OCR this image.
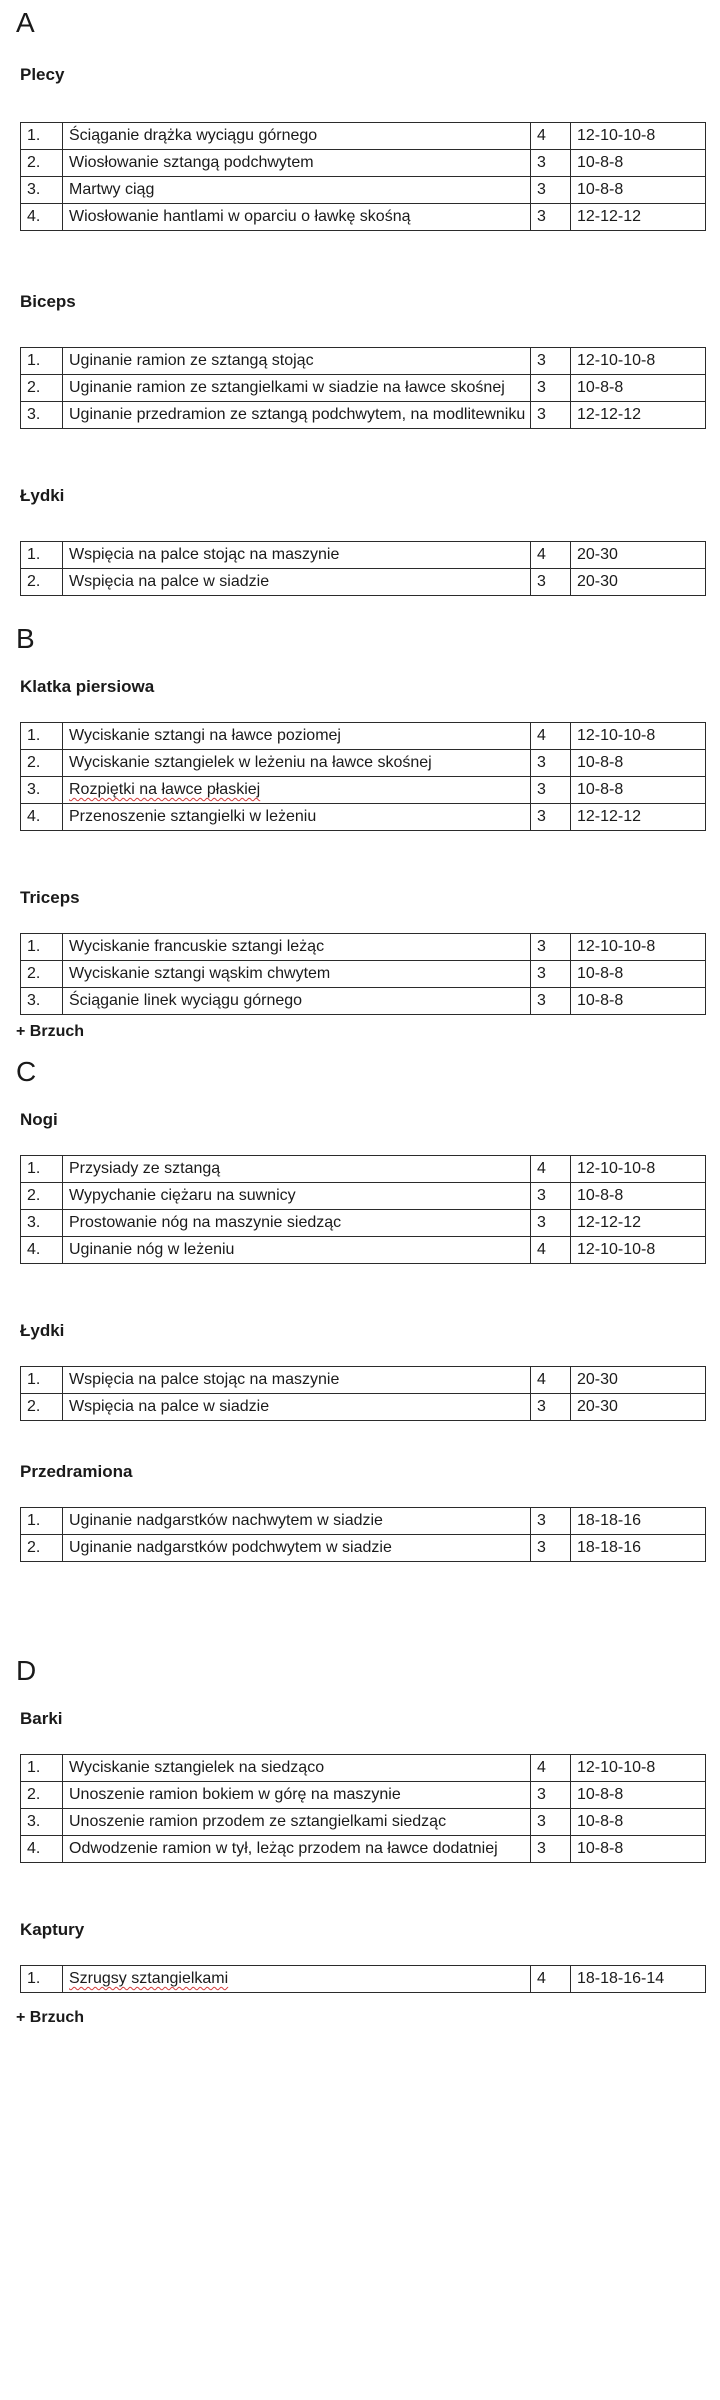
A
Plecy
1.	Ściąganie drążka wyciągu górnego	4	12-10-10-8
2.	Wiosłowanie sztangą podchwytem	3	10-8-8
3.	Martwy ciąg	3	10-8-8
4.	Wiosłowanie hantlami w oparciu o ławkę skośną	3	12-12-12
Biceps
1.	Uginanie ramion ze sztangą stojąc	3	12-10-10-8
2.	Uginanie ramion ze sztangielkami w siadzie na ławce skośnej	3	10-8-8
3.	Uginanie przedramion ze sztangą podchwytem, na modlitewniku	3	12-12-12
Łydki
1.	Wspięcia na palce stojąc na maszynie	4	20-30
2.	Wspięcia na palce w siadzie	3	20-30
B
Klatka piersiowa
1.	Wyciskanie sztangi na ławce poziomej	4	12-10-10-8
2.	Wyciskanie sztangielek w leżeniu na ławce skośnej	3	10-8-8
3.	Rozpiętki na ławce płaskiej	3	10-8-8
4.	Przenoszenie sztangielki w leżeniu	3	12-12-12
Triceps
1.	Wyciskanie francuskie sztangi leżąc	3	12-10-10-8
2.	Wyciskanie sztangi wąskim chwytem	3	10-8-8
3.	Ściąganie linek wyciągu górnego	3	10-8-8
+ Brzuch
C
Nogi
1.	Przysiady ze sztangą	4	12-10-10-8
2.	Wypychanie ciężaru na suwnicy	3	10-8-8
3.	Prostowanie nóg na maszynie siedząc	3	12-12-12
4.	Uginanie nóg w leżeniu	4	12-10-10-8
Łydki
1.	Wspięcia na palce stojąc na maszynie	4	20-30
2.	Wspięcia na palce w siadzie	3	20-30
Przedramiona
1.	Uginanie nadgarstków nachwytem w siadzie	3	18-18-16
2.	Uginanie nadgarstków podchwytem w siadzie	3	18-18-16
D
Barki
1.	Wyciskanie sztangielek na siedząco	4	12-10-10-8
2.	Unoszenie ramion bokiem w górę na maszynie	3	10-8-8
3.	Unoszenie ramion przodem ze sztangielkami siedząc	3	10-8-8
4.	Odwodzenie ramion w tył, leżąc przodem na ławce dodatniej	3	10-8-8
Kaptury
1.	Szrugsy sztangielkami	4	18-18-16-14
+ Brzuch
